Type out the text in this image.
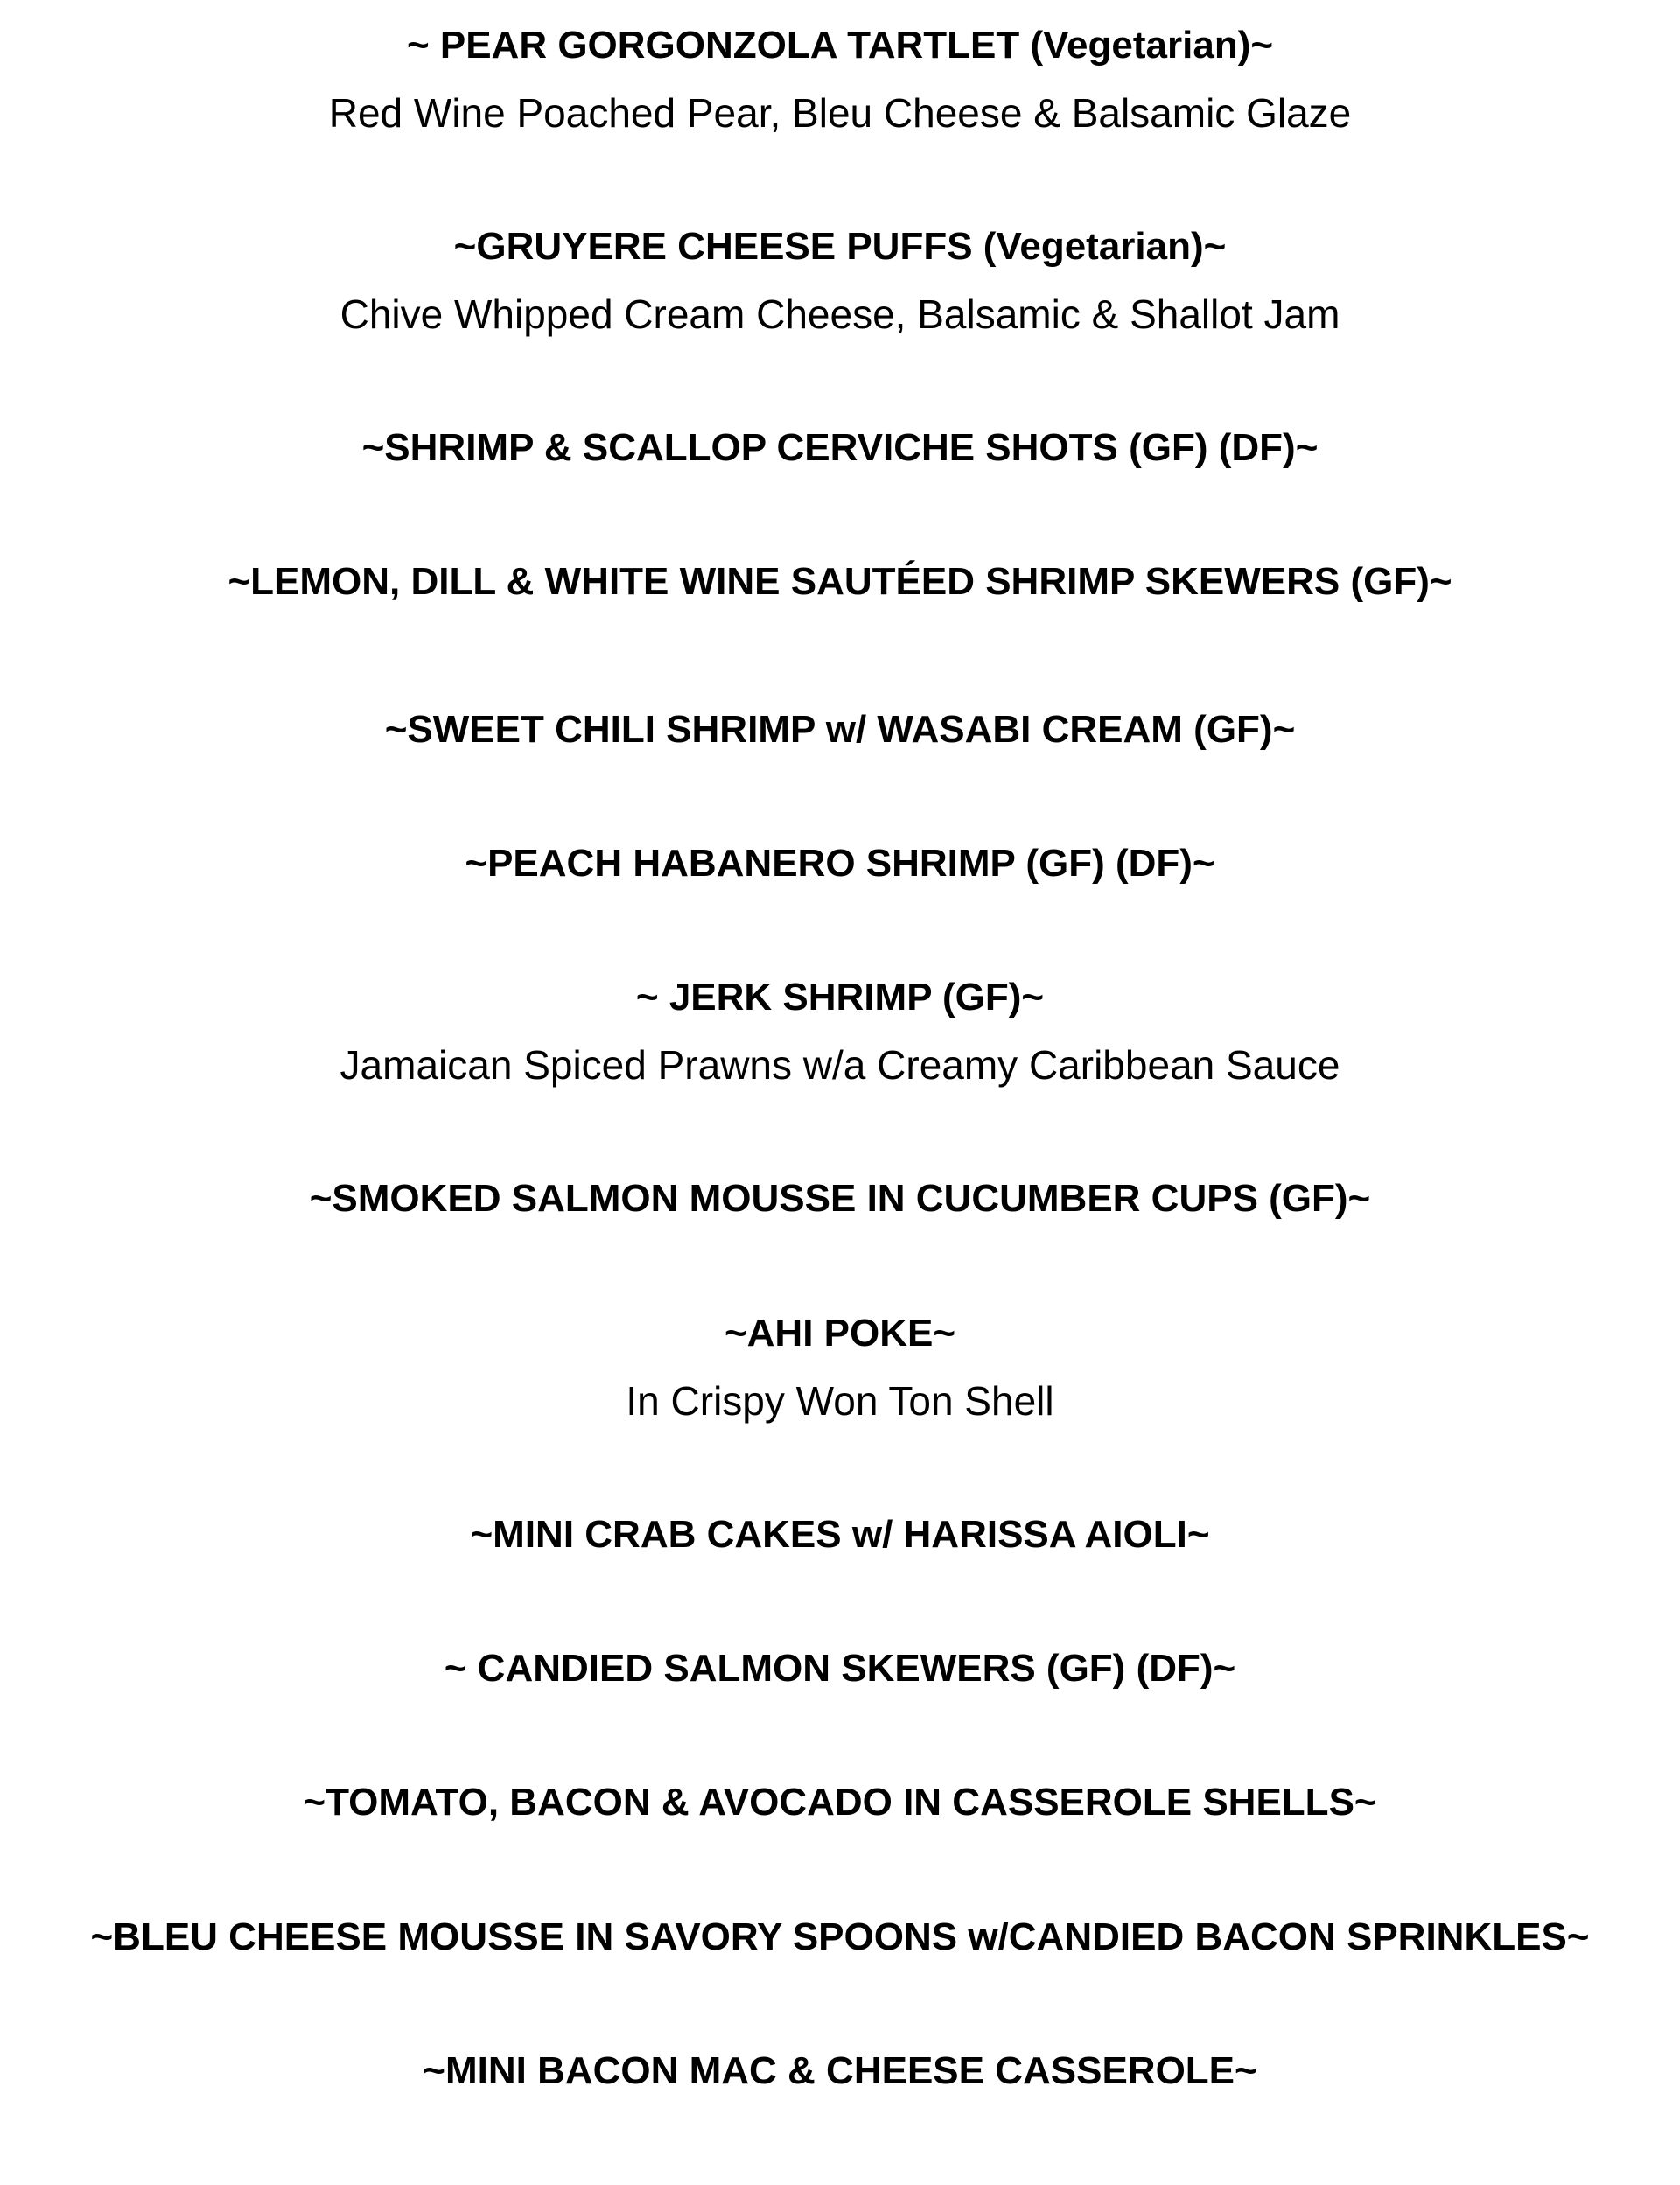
~ PEAR GORGONZOLA TARTLET (Vegetarian)~
Red Wine Poached Pear, Bleu Cheese & Balsamic Glaze
~GRUYERE CHEESE PUFFS (Vegetarian)~
Chive Whipped Cream Cheese, Balsamic & Shallot Jam
~SHRIMP & SCALLOP CERVICHE SHOTS (GF) (DF)~
~LEMON, DILL & WHITE WINE SAUTÉED SHRIMP SKEWERS (GF)~
~SWEET CHILI SHRIMP w/ WASABI CREAM (GF)~
~PEACH HABANERO SHRIMP (GF) (DF)~
~ JERK SHRIMP (GF)~
Jamaican Spiced Prawns w/a Creamy Caribbean Sauce
~SMOKED SALMON MOUSSE IN CUCUMBER CUPS (GF)~
~AHI POKE~
In Crispy Won Ton Shell
~MINI CRAB CAKES w/ HARISSA AIOLI~
~ CANDIED SALMON SKEWERS (GF) (DF)~
~TOMATO, BACON & AVOCADO IN CASSEROLE SHELLS~
~BLEU CHEESE MOUSSE IN SAVORY SPOONS w/CANDIED BACON SPRINKLES~
~MINI BACON MAC & CHEESE CASSEROLE~
